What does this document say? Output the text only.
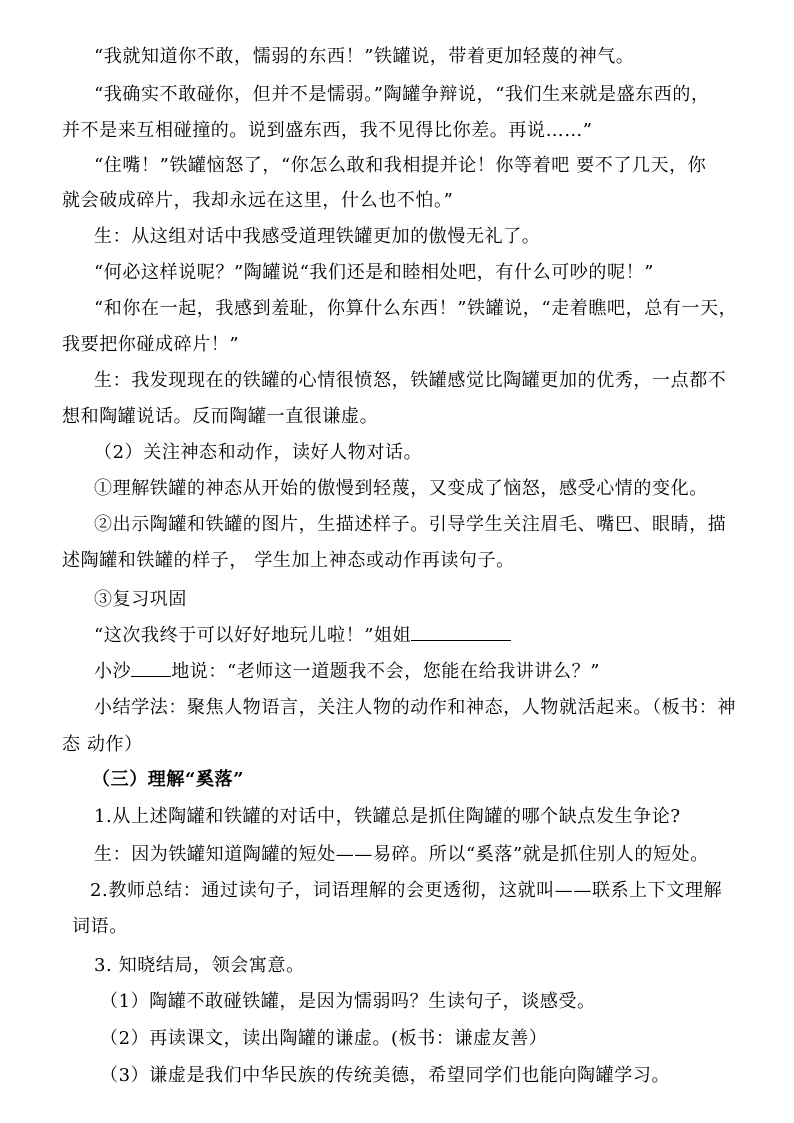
“我就知道你不敢，懦弱的东西！”铁罐说，带着更加轻蔑的神气。
“我确实不敢碰你，但并不是懦弱。”陶罐争辩说，“我们生来就是盛东西的，
并不是来互相碰撞的。说到盛东西，我不见得比你差。再说……”
“住嘴！”铁罐恼怒了，“你怎么敢和我相提并论！你等着吧 要不了几天，你
就会破成碎片，我却永远在这里，什么也不怕。”
生：从这组对话中我感受道理铁罐更加的傲慢无礼了。
“何必这样说呢？”陶罐说“我们还是和睦相处吧，有什么可吵的呢！”
“和你在一起，我感到羞耻，你算什么东西！”铁罐说，“走着瞧吧，总有一天，
我要把你碰成碎片！”
生：我发现现在的铁罐的心情很愤怒，铁罐感觉比陶罐更加的优秀，一点都不
想和陶罐说话。反而陶罐一直很谦虚。
（2）关注神态和动作，读好人物对话。
①理解铁罐的神态从开始的傲慢到轻蔑，又变成了恼怒，感受心情的变化。
②出示陶罐和铁罐的图片，生描述样子。引导学生关注眉毛、嘴巴、眼睛，描
述陶罐和铁罐的样子， 学生加上神态或动作再读句子。
③复习巩固
“这次我终于可以好好地玩儿啦！”姐姐
小沙 地说：“老师这一道题我不会，您能在给我讲讲么？”
小结学法：聚焦人物语言，关注人物的动作和神态，人物就活起来。（板书：神
态 动作）
（三）理解“奚落”
1.从上述陶罐和铁罐的对话中，铁罐总是抓住陶罐的哪个缺点发生争论?
生：因为铁罐知道陶罐的短处——易碎。所以“奚落”就是抓住别人的短处。
2.教师总结：通过读句子，词语理解的会更透彻，这就叫——联系上下文理解
词语。
3. 知晓结局，领会寓意。
（1）陶罐不敢碰铁罐，是因为懦弱吗？生读句子，谈感受。
（2）再读课文，读出陶罐的谦虚。(板书：谦虚友善）
（3）谦虚是我们中华民族的传统美德，希望同学们也能向陶罐学习。
